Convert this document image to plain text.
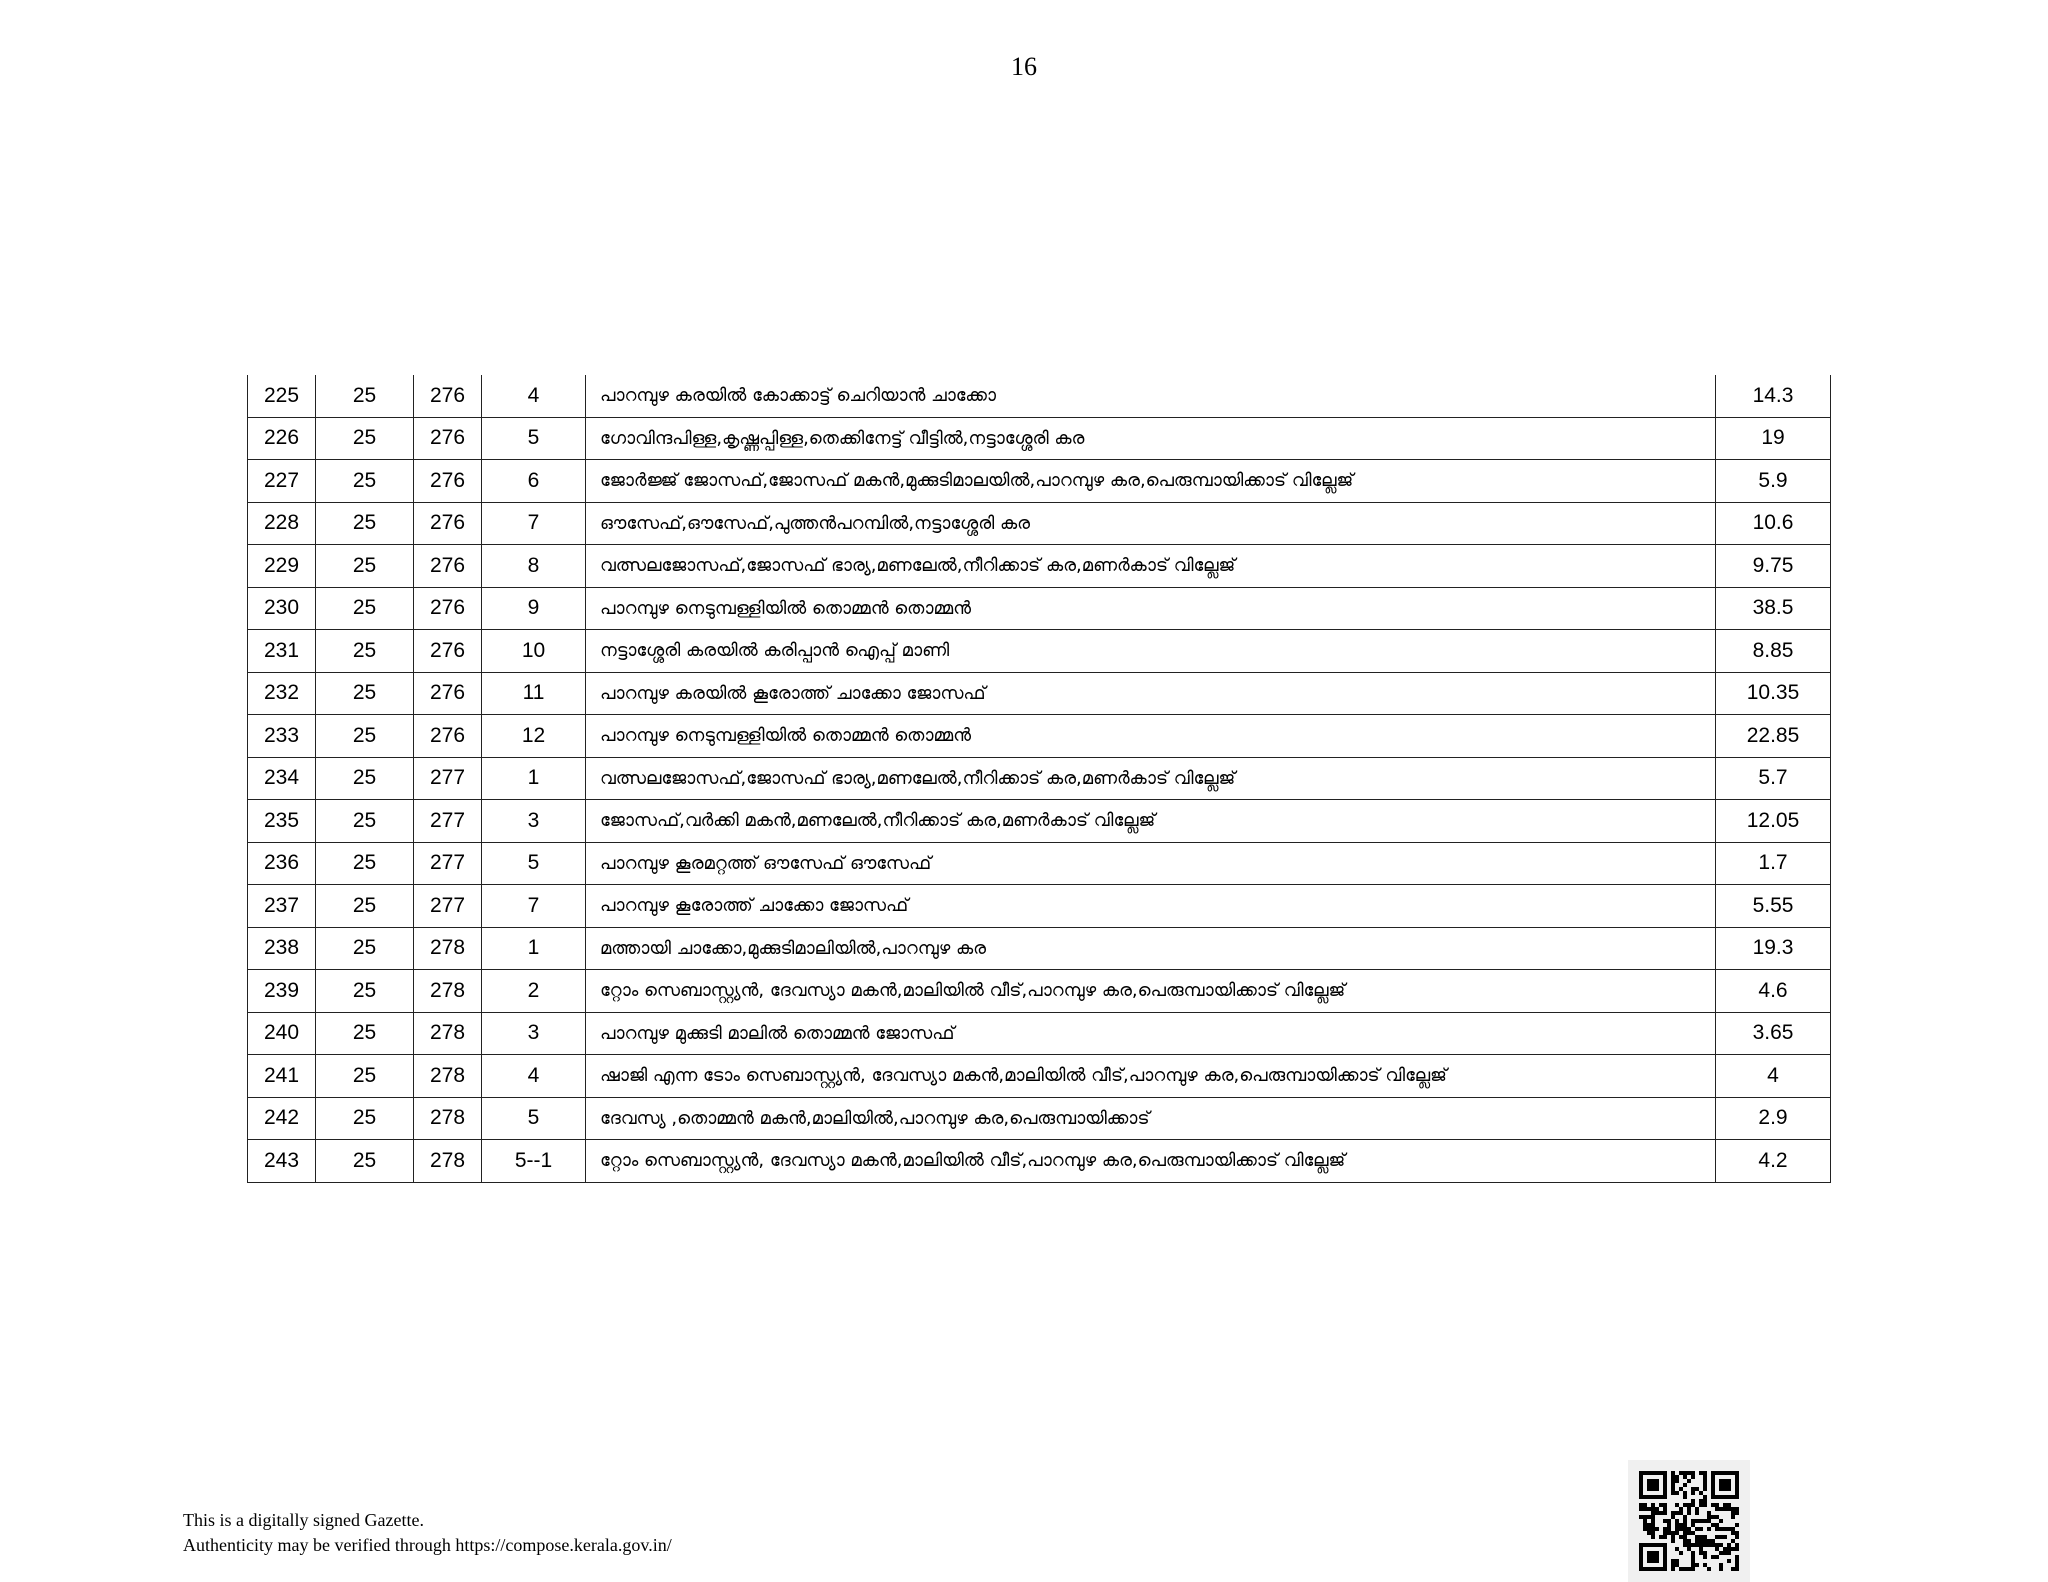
16
225	25	276	4	പാറമ്പുഴ കരയിൽ കോക്കാട്ട് ചെറിയാൻ ചാക്കോ	14.3
226	25	276	5	ഗോവിന്ദപിള്ള,കൃഷ്ണപ്പിള്ള,തെക്കിനേട്ട് വീട്ടിൽ,നട്ടാശ്ശേരി കര	19
227	25	276	6	ജോർജ്ജ് ജോസഫ്,ജോസഫ് മകൻ,മുക്കുടിമാലയിൽ,പാറമ്പുഴ കര,പെരുമ്പായിക്കാട് വില്ലേജ്	5.9
228	25	276	7	ഔസേഫ്,ഔസേഫ്,പുത്തൻപറമ്പിൽ,നട്ടാശ്ശേരി കര	10.6
229	25	276	8	വത്സലജോസഫ്,ജോസഫ് ഭാര്യ,മണലേൽ,നീറിക്കാട് കര,മണർകാട് വില്ലേജ്	9.75
230	25	276	9	പാറമ്പുഴ നെടുമ്പള്ളിയിൽ തൊമ്മൻ തൊമ്മൻ	38.5
231	25	276	10	നട്ടാശ്ശേരി കരയിൽ കരിപ്പാൻ ഐപ്പ് മാണി	8.85
232	25	276	11	പാറമ്പുഴ കരയിൽ കൂരോത്ത് ചാക്കോ ജോസഫ്	10.35
233	25	276	12	പാറമ്പുഴ നെടുമ്പള്ളിയിൽ തൊമ്മൻ തൊമ്മൻ	22.85
234	25	277	1	വത്സലജോസഫ്,ജോസഫ് ഭാര്യ,മണലേൽ,നീറിക്കാട് കര,മണർകാട് വില്ലേജ്	5.7
235	25	277	3	ജോസഫ്,വർക്കി മകൻ,മണലേൽ,നീറിക്കാട് കര,മണർകാട് വില്ലേജ്	12.05
236	25	277	5	പാറമ്പുഴ കൂരമറ്റത്ത് ഔസേഫ് ഔസേഫ്	1.7
237	25	277	7	പാറമ്പുഴ കൂരോത്ത് ചാക്കോ ജോസഫ്	5.55
238	25	278	1	മത്തായി ചാക്കോ,മുക്കുടിമാലിയിൽ,പാറമ്പുഴ കര	19.3
239	25	278	2	റ്റോം സെബാസ്റ്റ്യൻ, ദേവസ്യാ മകൻ,മാലിയിൽ വീട്,പാറമ്പുഴ കര,പെരുമ്പായിക്കാട് വില്ലേജ്	4.6
240	25	278	3	പാറമ്പുഴ മുക്കുടി മാലിൽ തൊമ്മൻ ജോസഫ്	3.65
241	25	278	4	ഷാജി എന്ന ടോം സെബാസ്റ്റ്യൻ, ദേവസ്യാ മകൻ,മാലിയിൽ വീട്,പാറമ്പുഴ കര,പെരുമ്പായിക്കാട് വില്ലേജ്	4
242	25	278	5	ദേവസ്യ ,തൊമ്മൻ മകൻ,മാലിയിൽ,പാറമ്പുഴ കര,പെരുമ്പായിക്കാട്	2.9
243	25	278	5--1	റ്റോം സെബാസ്റ്റ്യൻ, ദേവസ്യാ മകൻ,മാലിയിൽ വീട്,പാറമ്പുഴ കര,പെരുമ്പായിക്കാട് വില്ലേജ്	4.2
This is a digitally signed Gazette.
Authenticity may be verified through https://compose.kerala.gov.in/
